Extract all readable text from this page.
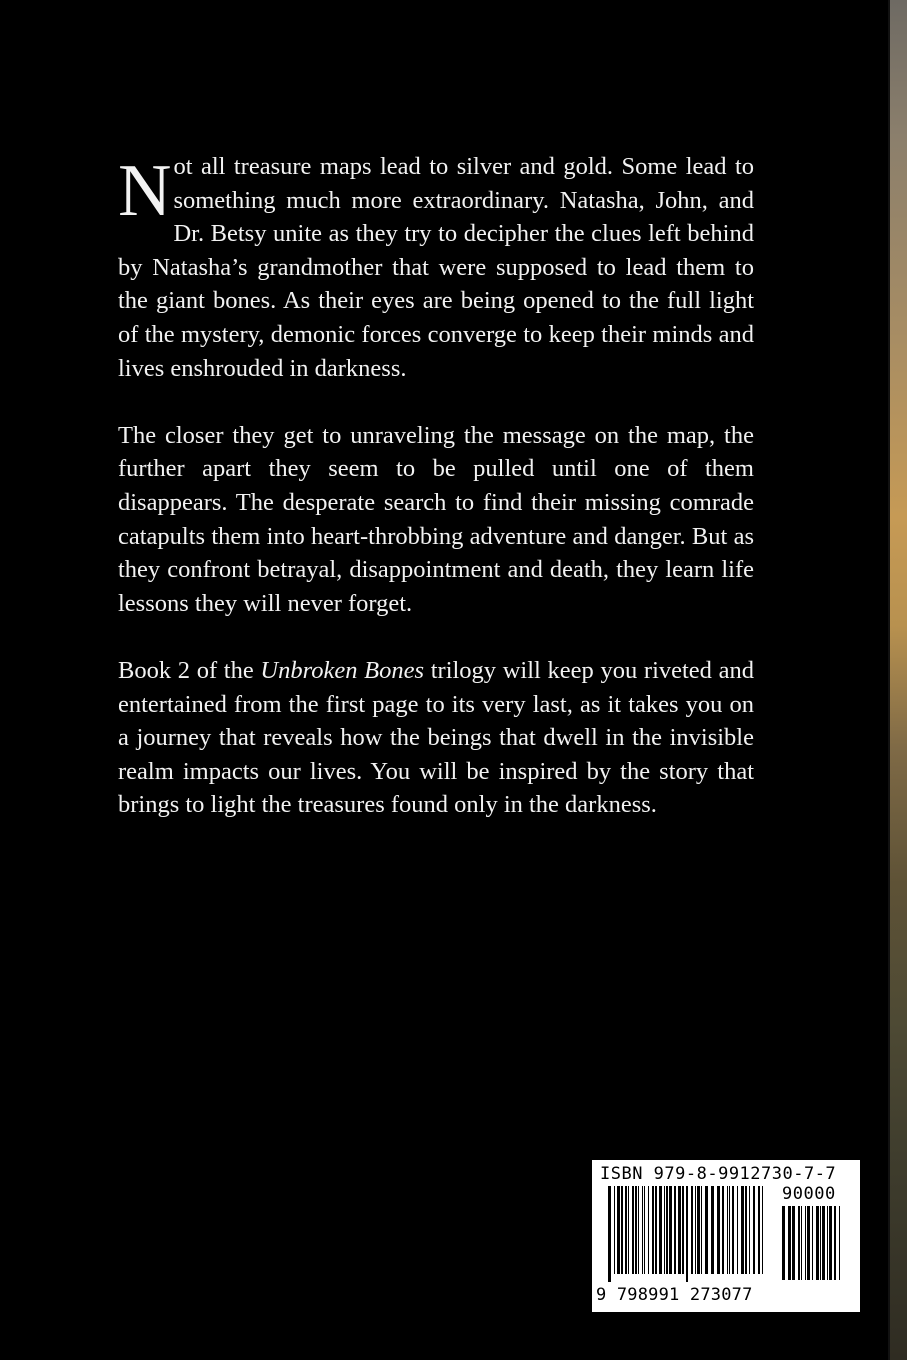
Not all treasure maps lead to silver and gold. Some lead to something much more extraordinary. Natasha, John, and Dr. Betsy unite as they try to decipher the clues left behind by Natasha’s grandmother that were supposed to lead them to the giant bones. As their eyes are being opened to the full light of the mystery, demonic forces converge to keep their minds and lives enshrouded in darkness.

The closer they get to unraveling the message on the map, the further apart they seem to be pulled until one of them disappears. The desperate search to find their missing comrade catapults them into heart-throbbing adventure and danger. But as they confront betrayal, disappointment and death, they learn life lessons they will never forget.

Book 2 of the Unbroken Bones trilogy will keep you riveted and entertained from the first page to its very last, as it takes you on a journey that reveals how the beings that dwell in the invisible realm impacts our lives. You will be inspired by the story that brings to light the treasures found only in the darkness.

ISBN 979-8-9912730-7-7
90000
9 798991 273077
